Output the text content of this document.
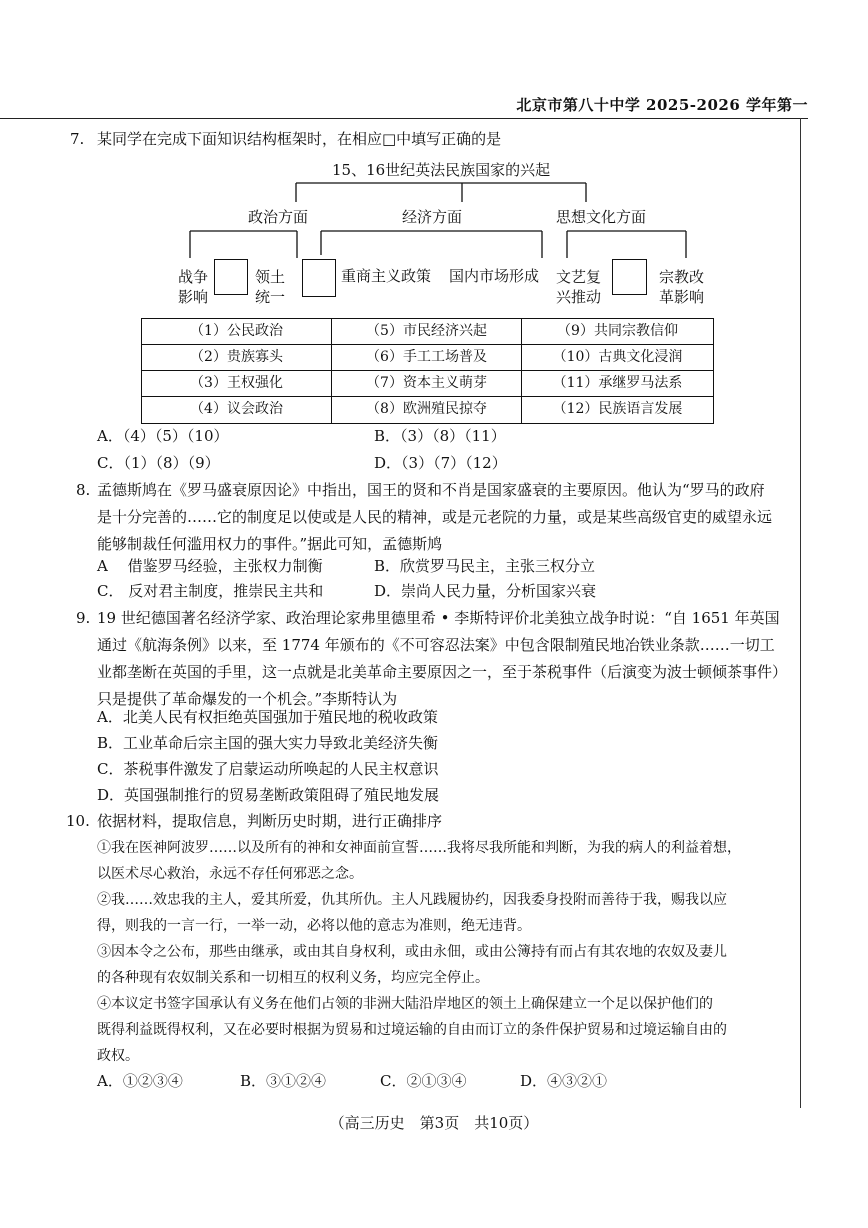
北京市第八十中学 2025-2026 学年第一
7. 某同学在完成下面知识结构框架时，在相应□中填写正确的是
15、16世纪英法民族国家的兴起
政治方面	经济方面	思想文化方面
战争
影响
领土
统一
重商主义政策 国内市场形成 文艺复
兴推动
宗教改
革影响
（1）公民政治	（5）市民经济兴起	（9）共同宗教信仰
（2）贵族寡头	（6）手工工场普及	（10）古典文化浸润
（3）王权强化	（7）资本主义萌芽	（11）承继罗马法系
（4）议会政治	（8）欧洲殖民掠夺	（12）民族语言发展
A．（4）（5）（10）	B．（3）（8）（11）
C．（1）（8）（9）	D．（3）（7）（12）
8. 孟德斯鸠在《罗马盛衰原因论》中指出，国王的贤和不肖是国家盛衰的主要原因。他认为“罗马的政府
是十分完善的……它的制度足以使或是人民的精神，或是元老院的力量，或是某些高级官吏的威望永远
能够制裁任何滥用权力的事件。”据此可知，孟德斯鸠
A　 借鉴罗马经验，主张权力制衡	B．欣赏罗马民主，主张三权分立
C． 反对君主制度，推崇民主共和	D．崇尚人民力量，分析国家兴衰
9. 19 世纪德国著名经济学家、政治理论家弗里德里希 • 李斯特评价北美独立战争时说：“自 1651 年英国
通过《航海条例》以来，至 1774 年颁布的《不可容忍法案》中包含限制殖民地冶铁业条款……一切工
业都垄断在英国的手里，这一点就是北美革命主要原因之一，至于茶税事件（后演变为波士顿倾茶事件）
只是提供了革命爆发的一个机会。”李斯特认为
A．北美人民有权拒绝英国强加于殖民地的税收政策
B．工业革命后宗主国的强大实力导致北美经济失衡
C．茶税事件激发了启蒙运动所唤起的人民主权意识
D．英国强制推行的贸易垄断政策阻碍了殖民地发展
10. 依据材料，提取信息，判断历史时期，进行正确排序
①我在医神阿波罗……以及所有的神和女神面前宣誓……我将尽我所能和判断，为我的病人的利益着想，
以医术尽心救治，永远不存任何邪恶之念。
②我……效忠我的主人，爱其所爱，仇其所仇。主人凡践履协约，因我委身投附而善待于我，赐我以应
得，则我的一言一行，一举一动，必将以他的意志为准则，绝无违背。
③因本令之公布，那些由继承，或由其自身权利，或由永佃，或由公簿持有而占有其农地的农奴及妻儿
的各种现有农奴制关系和一切相互的权利义务，均应完全停止。
④本议定书签字国承认有义务在他们占领的非洲大陆沿岸地区的领土上确保建立一个足以保护他们的
既得利益既得权利，又在必要时根据为贸易和过境运输的自由而订立的条件保护贸易和过境运输自由的
政权。
A．①②③④	B．③①②④	C．②①③④	D．④③②①
（高三历史　第3页　共10页）
